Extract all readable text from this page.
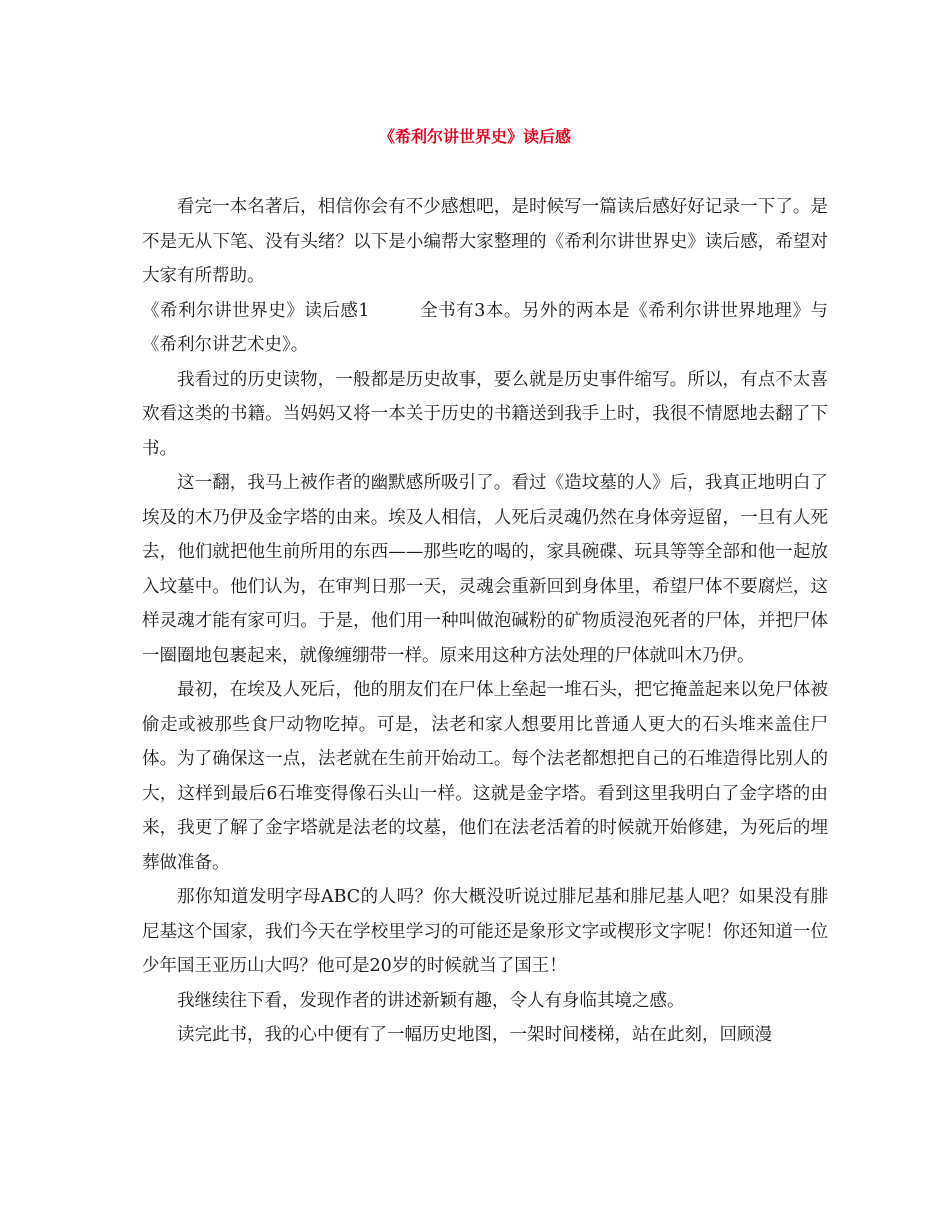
《希利尔讲世界史》读后感

看完一本名著后，相信你会有不少感想吧，是时候写一篇读后感好好记录一下了。是不是无从下笔、没有头绪？以下是小编帮大家整理的《希利尔讲世界史》读后感，希望对大家有所帮助。

《希利尔讲世界史》读后感1	全书有3本。另外的两本是《希利尔讲世界地理》与《希利尔讲艺术史》。

我看过的历史读物，一般都是历史故事，要么就是历史事件缩写。所以，有点不太喜欢看这类的书籍。当妈妈又将一本关于历史的书籍送到我手上时，我很不情愿地去翻了下书。

这一翻，我马上被作者的幽默感所吸引了。看过《造坟墓的人》后，我真正地明白了埃及的木乃伊及金字塔的由来。埃及人相信，人死后灵魂仍然在身体旁逗留，一旦有人死去，他们就把他生前所用的东西——那些吃的喝的，家具碗碟、玩具等等全部和他一起放入坟墓中。他们认为，在审判日那一天，灵魂会重新回到身体里，希望尸体不要腐烂，这样灵魂才能有家可归。于是，他们用一种叫做泡碱粉的矿物质浸泡死者的尸体，并把尸体一圈圈地包裹起来，就像缠绷带一样。原来用这种方法处理的尸体就叫木乃伊。

最初，在埃及人死后，他的朋友们在尸体上垒起一堆石头，把它掩盖起来以免尸体被偷走或被那些食尸动物吃掉。可是，法老和家人想要用比普通人更大的石头堆来盖住尸体。为了确保这一点，法老就在生前开始动工。每个法老都想把自己的石堆造得比别人的大，这样到最后6石堆变得像石头山一样。这就是金字塔。看到这里我明白了金字塔的由来，我更了解了金字塔就是法老的坟墓，他们在法老活着的时候就开始修建，为死后的埋葬做准备。

那你知道发明字母ABC的人吗？你大概没听说过腓尼基和腓尼基人吧？如果没有腓尼基这个国家，我们今天在学校里学习的可能还是象形文字或楔形文字呢！你还知道一位少年国王亚历山大吗？他可是20岁的时候就当了国王！

我继续往下看，发现作者的讲述新颖有趣，令人有身临其境之感。

读完此书，我的心中便有了一幅历史地图，一架时间楼梯，站在此刻，回顾漫
